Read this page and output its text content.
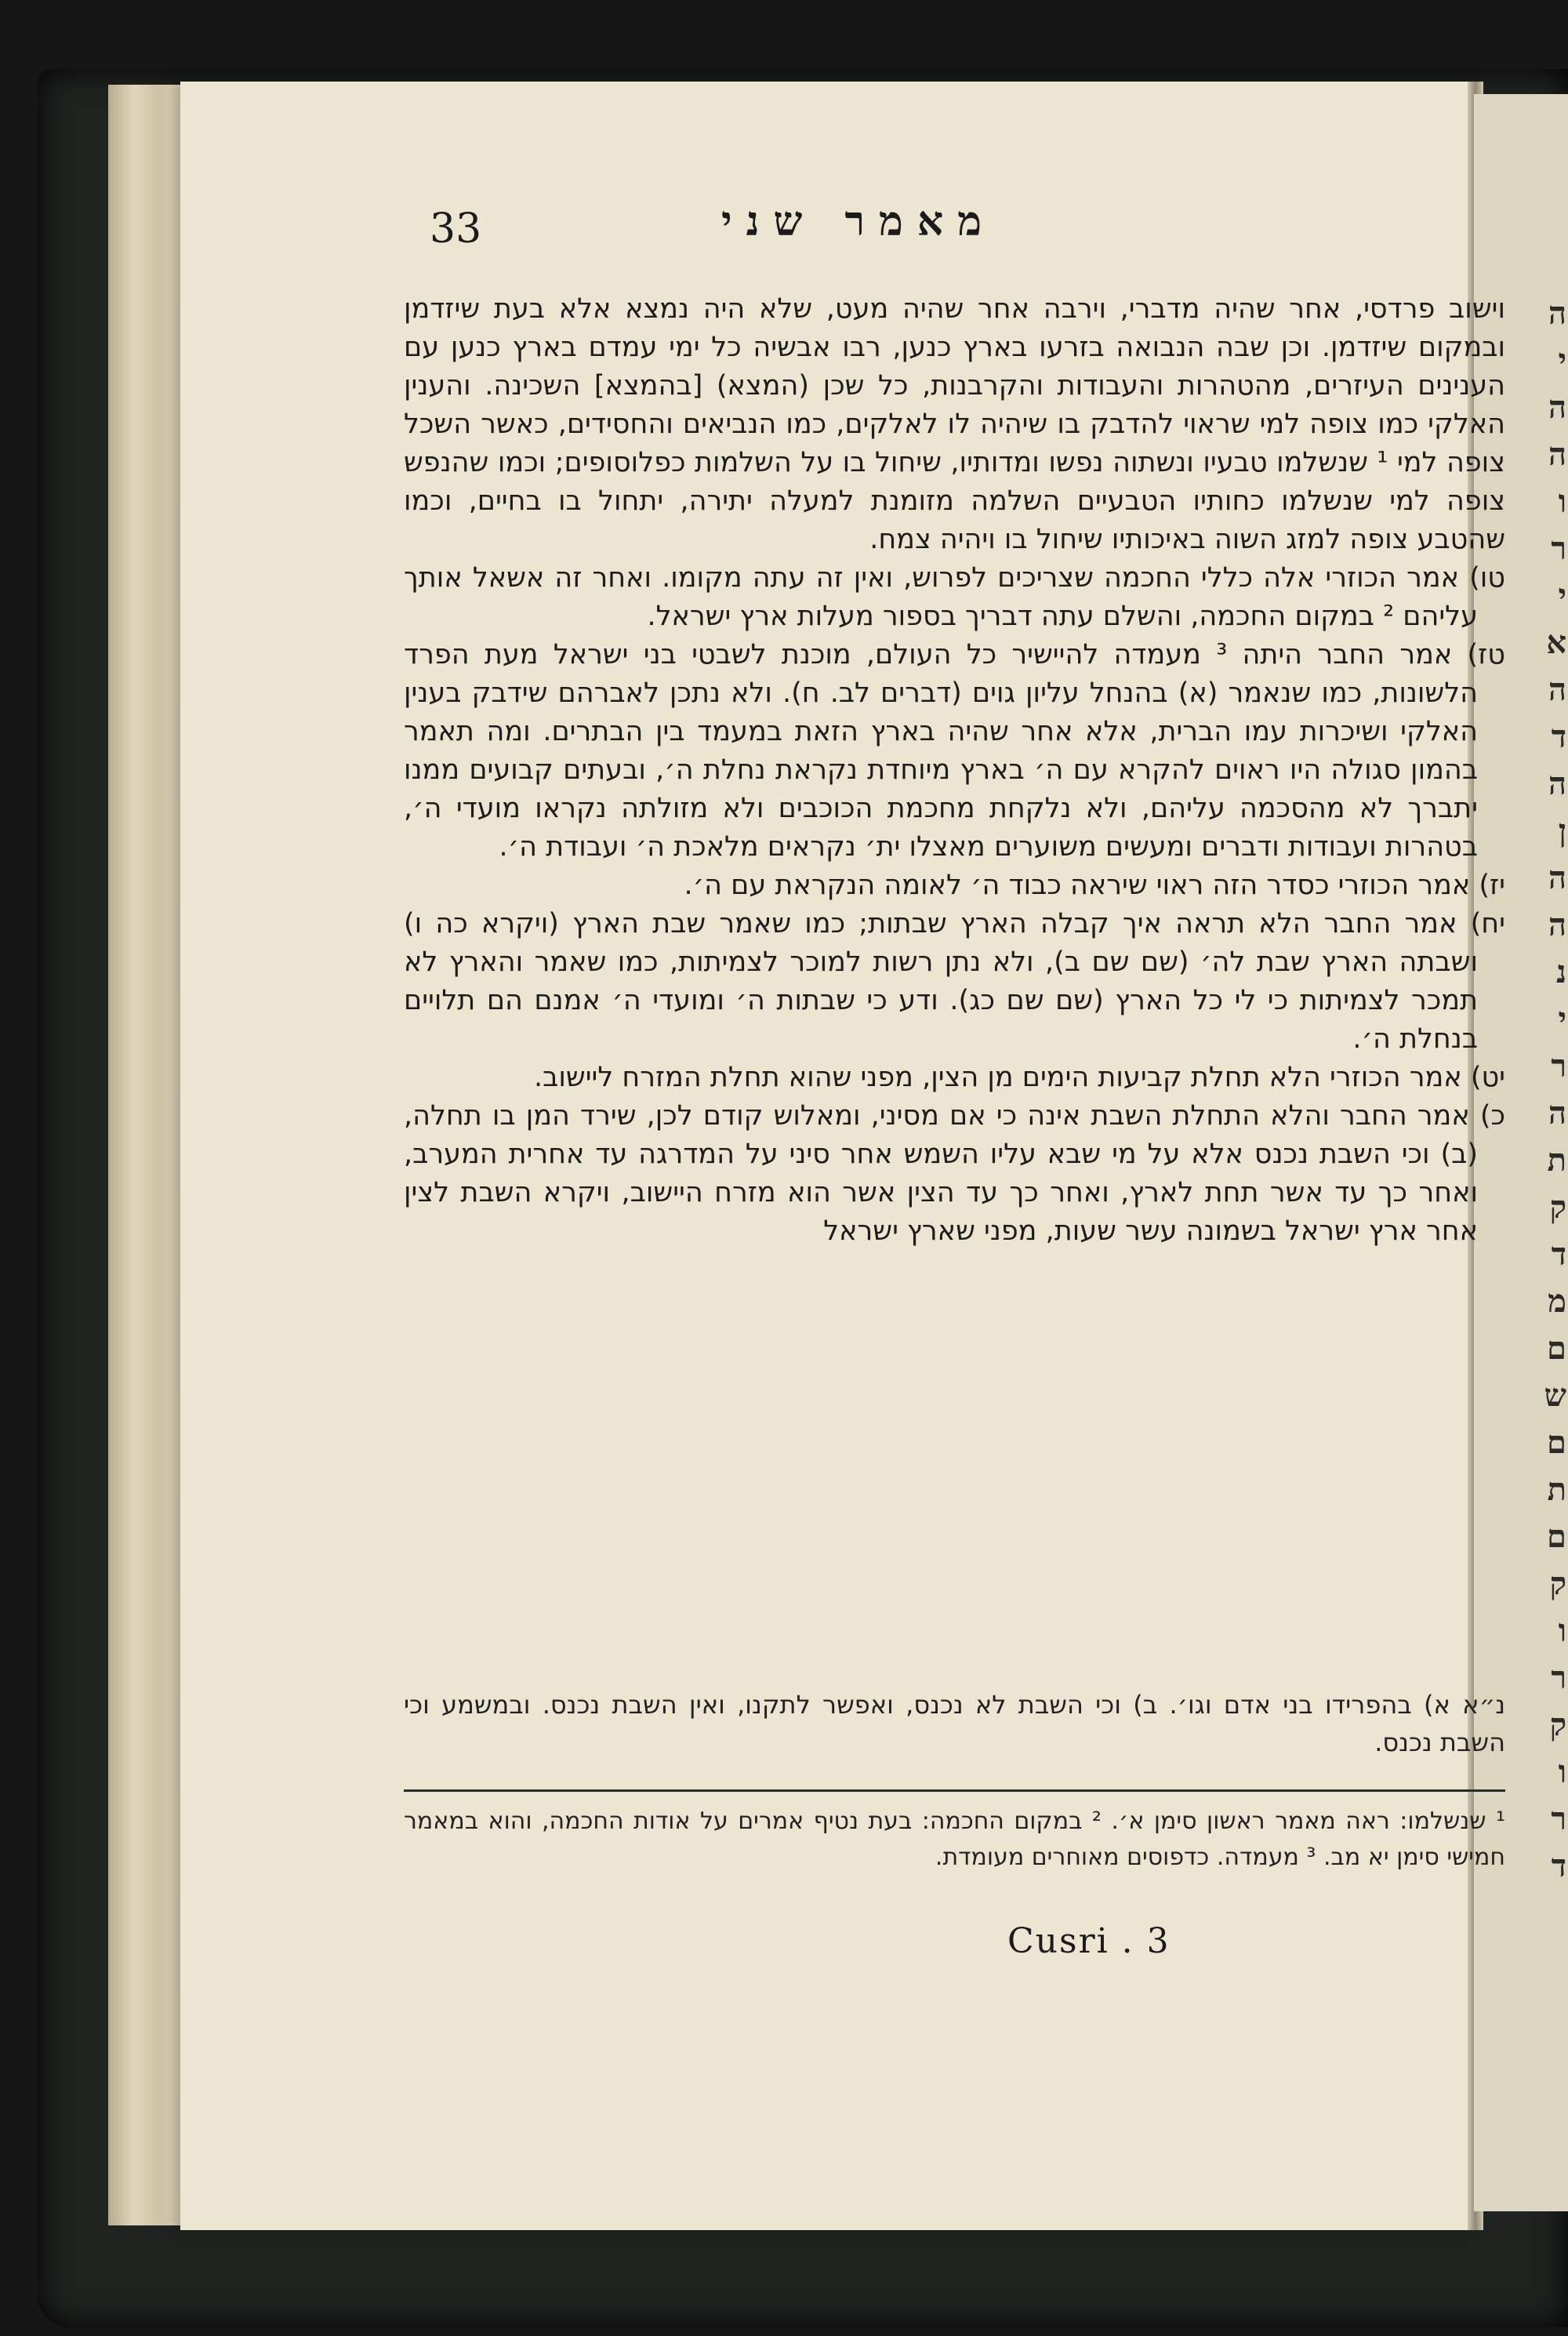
ה
י
ה
ה
ו
ר
י
א
ה
ד
ה
ן
ה
ה
נ
י
ר
ה
ת
ק
ד
מ
ם
ש
ם
ת
ם
ק
ו
ר
ק
ו
ר
ד
33	מאמר שני

וישוב פרדסי, אחר שהיה מדברי, וירבה אחר שהיה מעט, שלא היה נמצא אלא בעת שיזדמן ובמקום שיזדמן. וכן שבה הנבואה בזרעו בארץ כנען, רבו אבשיה כל ימי עמדם בארץ כנען עם הענינים העיזרים, מהטהרות והעבודות והקרבנות, כל שכן (המצא) [בהמצא] השכינה. והענין האלקי כמו צופה למי שראוי להדבק בו שיהיה לו לאלקים, כמו הנביאים והחסידים, כאשר השכל צופה למי ¹ שנשלמו טבעיו ונשתוה נפשו ומדותיו, שיחול בו על השלמות כפלוסופים; וכמו שהנפש צופה למי שנשלמו כחותיו הטבעיים השלמה מזומנת למעלה יתירה, יתחול בו בחיים, וכמו שהטבע צופה למזג השוה באיכותיו שיחול בו ויהיה צמח.

טו) אמר הכוזרי אלה כללי החכמה שצריכים לפרוש, ואין זה עתה מקומו. ואחר זה אשאל אותך עליהם ² במקום החכמה, והשלם עתה דבריך בספור מעלות ארץ ישראל.

טז) אמר החבר היתה ³ מעמדה להיישיר כל העולם, מוכנת לשבטי בני ישראל מעת הפרד הלשונות, כמו שנאמר (א) בהנחל עליון גוים (דברים לב. ח). ולא נתכן לאברהם שידבק בענין האלקי ושיכרות עמו הברית, אלא אחר שהיה בארץ הזאת במעמד בין הבתרים. ומה תאמר בהמון סגולה היו ראוים להקרא עם ה׳ בארץ מיוחדת נקראת נחלת ה׳, ובעתים קבועים ממנו יתברך לא מהסכמה עליהם, ולא נלקחת מחכמת הכוכבים ולא מזולתה נקראו מועדי ה׳, בטהרות ועבודות ודברים ומעשים משוערים מאצלו ית׳ נקראים מלאכת ה׳ ועבודת ה׳.

יז) אמר הכוזרי כסדר הזה ראוי שיראה כבוד ה׳ לאומה הנקראת עם ה׳.

יח) אמר החבר הלא תראה איך קבלה הארץ שבתות; כמו שאמר שבת הארץ (ויקרא כה ו) ושבתה הארץ שבת לה׳ (שם שם ב), ולא נתן רשות למוכר לצמיתות, כמו שאמר והארץ לא תמכר לצמיתות כי לי כל הארץ (שם שם כג). ודע כי שבתות ה׳ ומועדי ה׳ אמנם הם תלויים בנחלת ה׳.

יט) אמר הכוזרי הלא תחלת קביעות הימים מן הצין, מפני שהוא תחלת המזרח ליישוב.

כ) אמר החבר והלא התחלת השבת אינה כי אם מסיני, ומאלוש קודם לכן, שירד המן בו תחלה, (ב) וכי השבת נכנס אלא על מי שבא עליו השמש אחר סיני על המדרגה עד אחרית המערב, ואחר כך עד אשר תחת לארץ, ואחר כך עד הצין אשר הוא מזרח היישוב, ויקרא השבת לצין אחר ארץ ישראל בשמונה עשר שעות, מפני שארץ ישראל

נ״א א) בהפרידו בני אדם וגו׳. ב) וכי השבת לא נכנס, ואפשר לתקנו, ואין השבת נכנס. ובמשמע וכי השבת נכנס.
¹ שנשלמו: ראה מאמר ראשון סימן א׳. ² במקום החכמה: בעת נטיף אמרים על אודות החכמה, והוא במאמר חמישי סימן יא מב. ³ מעמדה. כדפוסים מאוחרים מעומדת.
Cusri . 3
